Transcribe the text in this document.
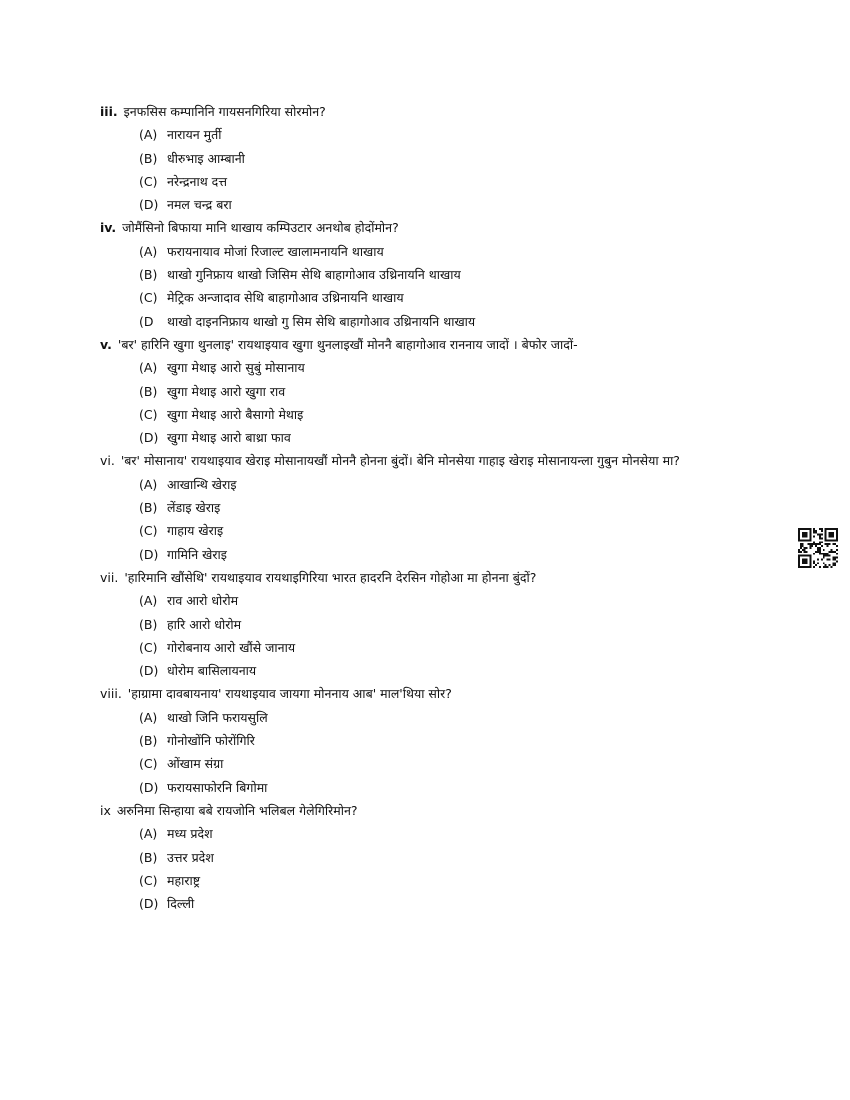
iii. इनफसिस कम्पानिनि गायसनगिरिया सोरमोन?
(A) नारायन मुर्ती
(B) धीरुभाइ आम्बानी
(C) नरेन्द्रनाथ दत्त
(D) नमल चन्द्र बरा
iv. जोमैंसिनो बिफाया मानि थाखाय कम्पिउटार अनथोब होदोंमोन?
(A) फरायनायाव मोजां रिजाल्ट खालामनायनि थाखाय
(B) थाखो गुनिफ्राय थाखो जिसिम सेथि बाहागोआव उथ्रिनायनि थाखाय
(C) मेट्रिक अन्जादाव सेथि बाहागोआव उथ्रिनायनि थाखाय
(D थाखो दाइननिफ्राय थाखो गु सिम सेथि बाहागोआव उथ्रिनायनि थाखाय
v. 'बर' हारिनि खुगा थुनलाइ' रायथाइयाव खुगा थुनलाइखौं मोननै बाहागोआव राननाय जादों । बेफोर जादों-
(A) खुगा मेथाइ आरो सुबुं मोसानाय
(B) खुगा मेथाइ आरो खुगा राव
(C) खुगा मेथाइ आरो बैसागो मेथाइ
(D) खुगा मेथाइ आरो बाथ्रा फाव
vi. 'बर' मोसानाय' रायथाइयाव खेराइ मोसानायखौं मोननै होनना बुंदों। बेनि मोनसेया गाहाइ खेराइ मोसानायन्ला गुबुन मोनसेया मा?
(A) आखान्थि खेराइ
(B) लेंडाइ खेराइ
(C) गाहाय खेराइ
(D) गामिनि खेराइ
vii. 'हारिमानि खौंसेथि' रायथाइयाव रायथाइगिरिया भारत हादरनि देरसिन गोहोआ मा होनना बुंदों?
(A) राव आरो धोरोम
(B) हारि आरो धोरोम
(C) गोरोबनाय आरो खौंसे जानाय
(D) धोरोम बासिलायनाय
viii. 'हाग्रामा दावबायनाय' रायथाइयाव जायगा मोननाय आब' माल'थिया सोर?
(A) थाखो जिनि फरायसुलि
(B) गोनोखोंनि फोरोंगिरि
(C) ओंखाम संग्रा
(D) फरायसाफोरनि बिगोमा
ix अरुनिमा सिन्हाया बबे रायजोनि भलिबल गेलेगिरिमोन?
(A) मध्य प्रदेश
(B) उत्तर प्रदेश
(C) महाराष्ट्र
(D) दिल्ली
